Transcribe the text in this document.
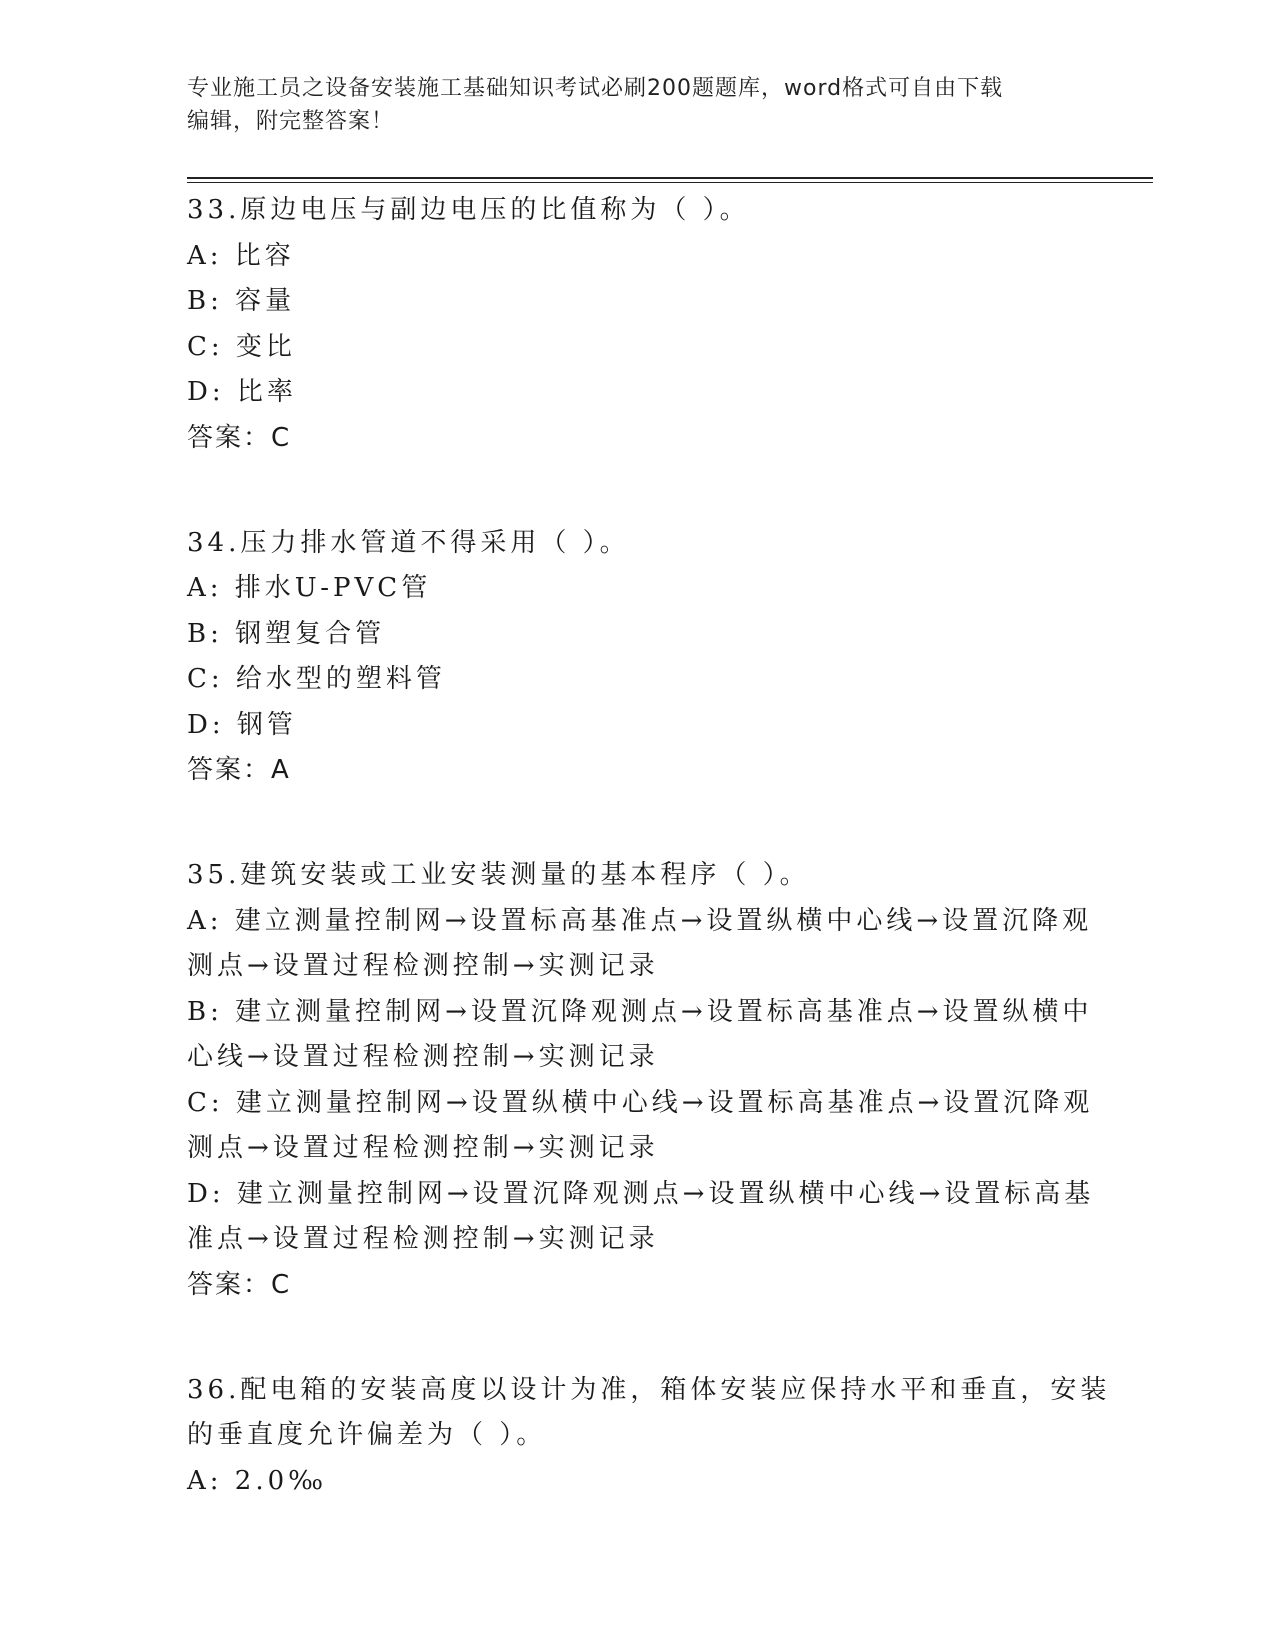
专业施工员之设备安装施工基础知识考试必刷200题题库，word格式可自由下载
编辑，附完整答案！
33.原边电压与副边电压的比值称为（ ）。
A: 比容
B: 容量
C: 变比
D: 比率
答案：C
34.压力排水管道不得采用（ ）。
A: 排水U-PVC管
B: 钢塑复合管
C: 给水型的塑料管
D: 钢管
答案：A
35.建筑安装或工业安装测量的基本程序（ ）。
A: 建立测量控制网→设置标高基准点→设置纵横中心线→设置沉降观
测点→设置过程检测控制→实测记录
B: 建立测量控制网→设置沉降观测点→设置标高基准点→设置纵横中
心线→设置过程检测控制→实测记录
C: 建立测量控制网→设置纵横中心线→设置标高基准点→设置沉降观
测点→设置过程检测控制→实测记录
D: 建立测量控制网→设置沉降观测点→设置纵横中心线→设置标高基
准点→设置过程检测控制→实测记录
答案：C
36.配电箱的安装高度以设计为准，箱体安装应保持水平和垂直，安装
的垂直度允许偏差为（ ）。
A: 2.0‰
